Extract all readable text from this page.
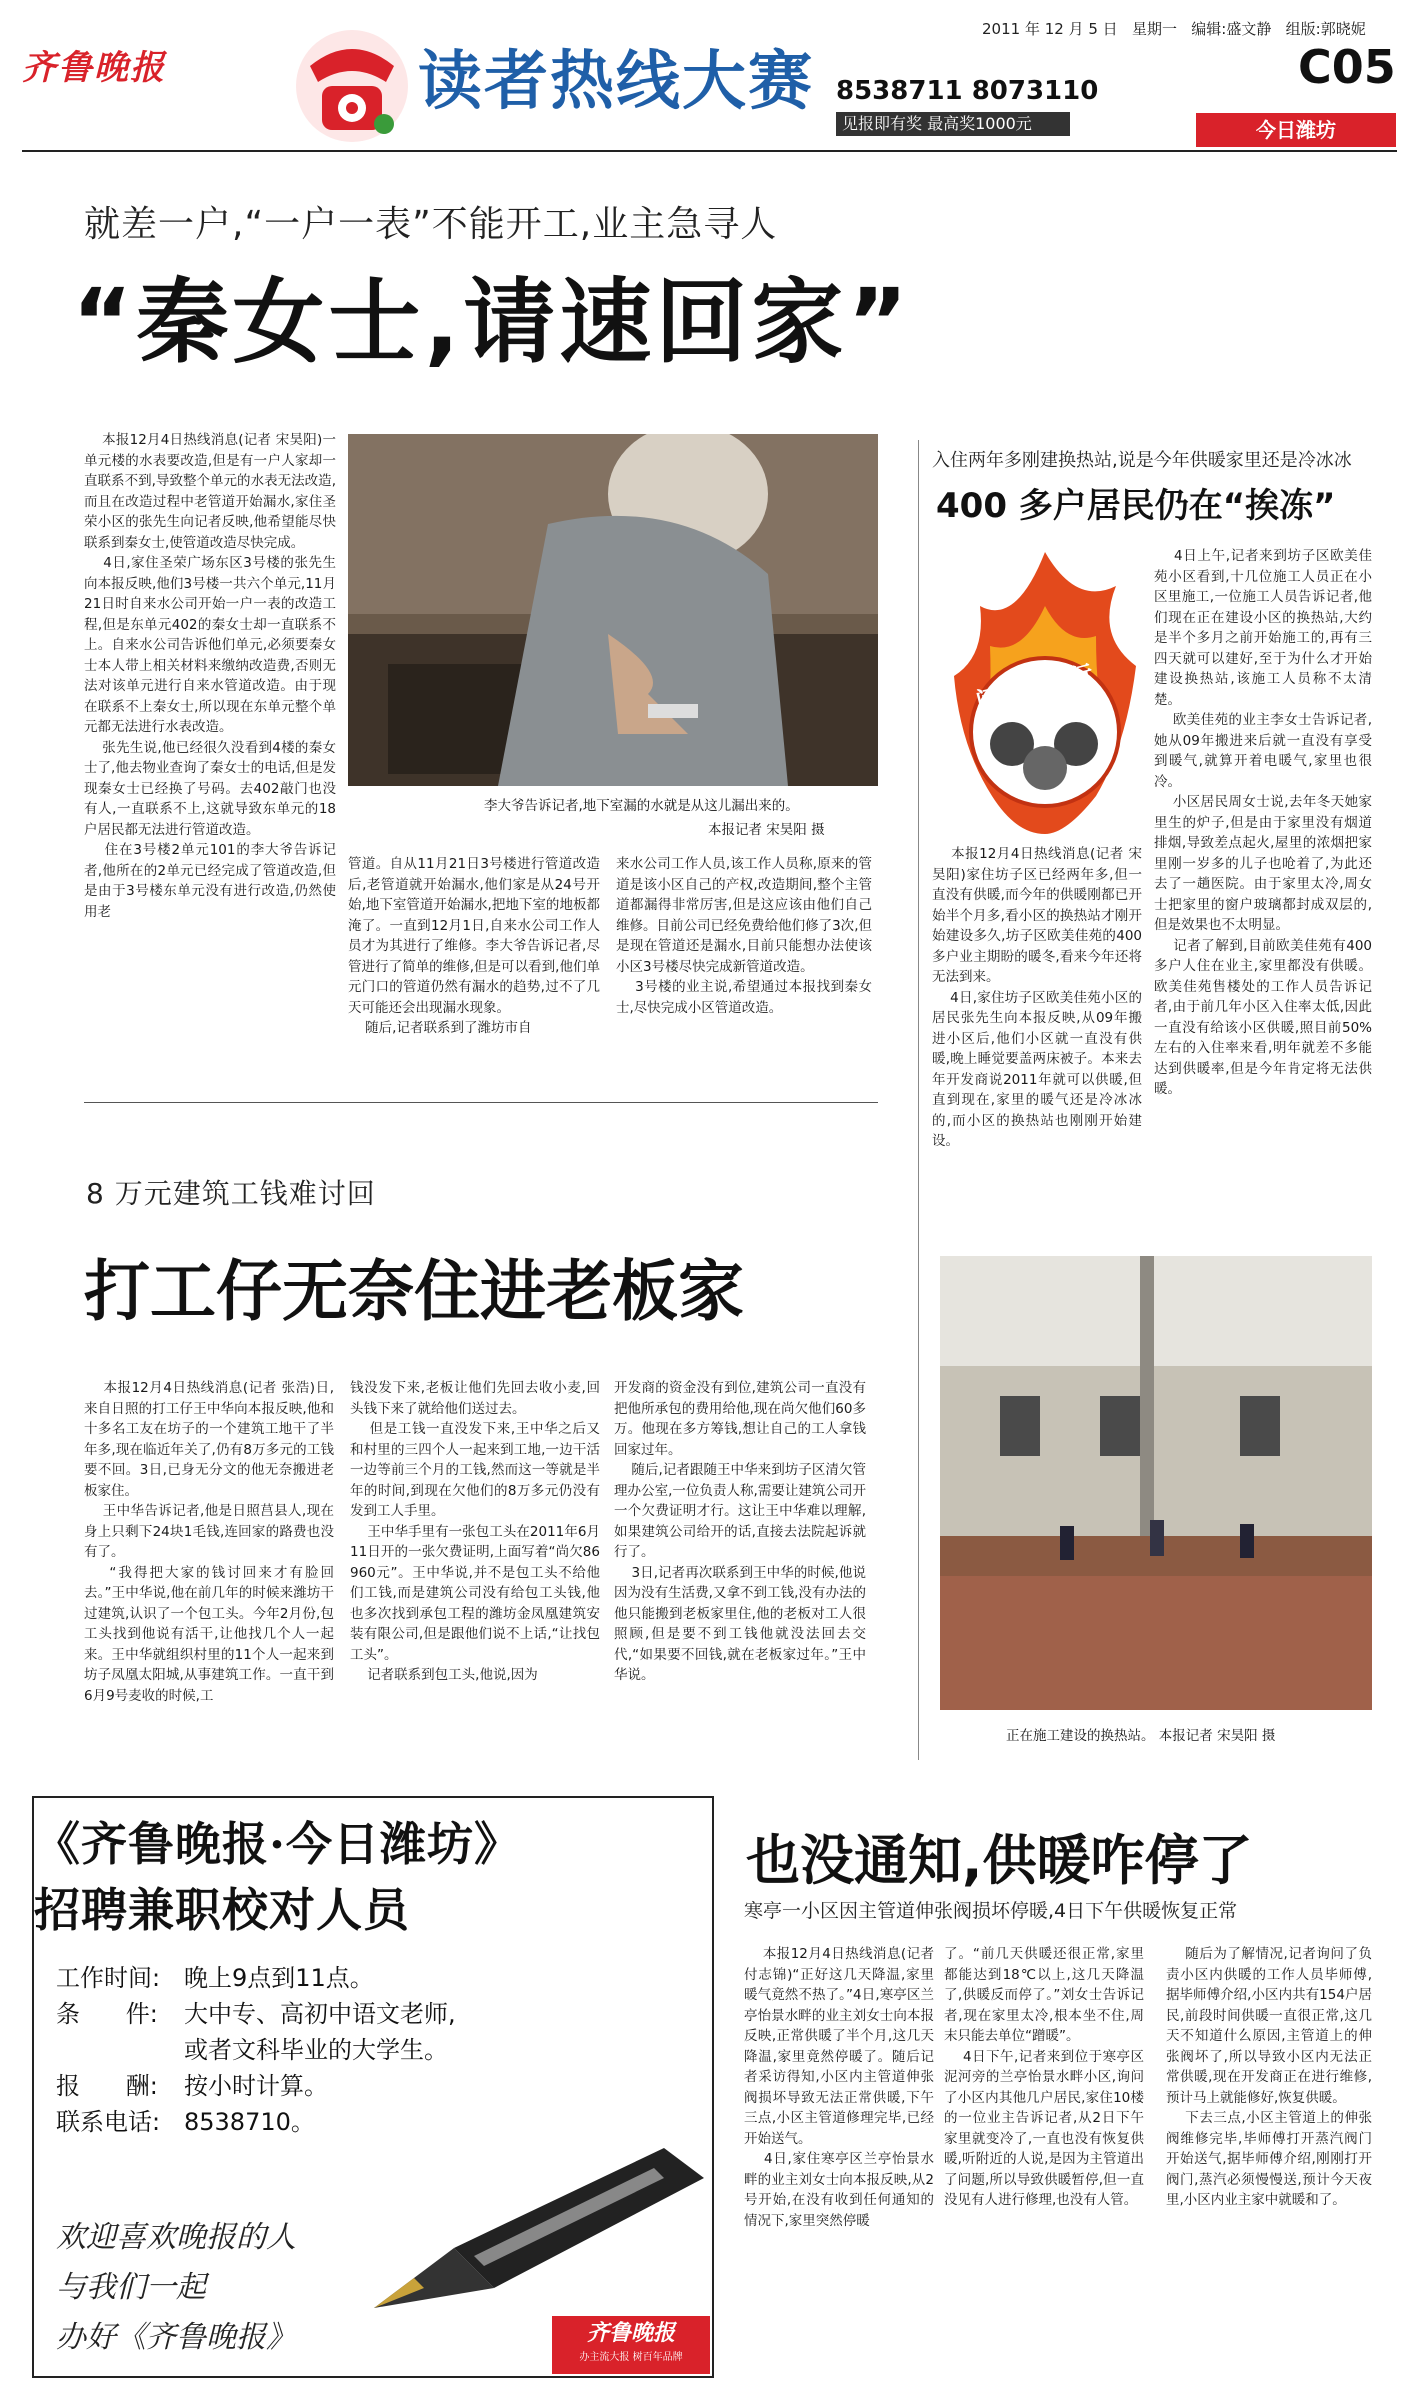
齐鲁晚报	读者热线大赛 8538711 8073110
见报即有奖 最高奖1000元
2011 年 12 月 5 日 星期一 编辑:盛文静 组版:郭晓妮
C05
今日潍坊
就差一户,“一户一表”不能开工,业主急寻人
“秦女士,请速回家”
本报12月4日热线消息(记者 宋昊阳)一单元楼的水表要改造,但是有一户人家却一直联系不到,导致整个单元的水表无法改造,而且在改造过程中老管道开始漏水,家住圣荣小区的张先生向记者反映,他希望能尽快联系到秦女士,使管道改造尽快完成。
4日,家住圣荣广场东区3号楼的张先生向本报反映,他们3号楼一共六个单元,11月21日时自来水公司开始一户一表的改造工程,但是东单元402的秦女士却一直联系不上。自来水公司告诉他们单元,必须要秦女士本人带上相关材料来缴纳改造费,否则无法对该单元进行自来水管道改造。由于现在联系不上秦女士,所以现在东单元整个单元都无法进行水表改造。
张先生说,他已经很久没看到4楼的秦女士了,他去物业查询了秦女士的电话,但是发现秦女士已经换了号码。去402敲门也没有人,一直联系不上,这就导致东单元的18户居民都无法进行管道改造。
住在3号楼2单元101的李大爷告诉记者,他所在的2单元已经完成了管道改造,但是由于3号楼东单元没有进行改造,仍然使用老
李大爷告诉记者,地下室漏的水就是从这儿漏出来的。
本报记者 宋昊阳 摄
管道。自从11月21日3号楼进行管道改造后,老管道就开始漏水,他们家是从24号开始,地下室管道开始漏水,把地下室的地板都淹了。一直到12月1日,自来水公司工作人员才为其进行了维修。李大爷告诉记者,尽管进行了简单的维修,但是可以看到,他们单元门口的管道仍然有漏水的趋势,过不了几天可能还会出现漏水现象。
随后,记者联系到了潍坊市自
来水公司工作人员,该工作人员称,原来的管道是该小区自己的产权,改造期间,整个主管道都漏得非常厉害,但是这应该由他们自己维修。目前公司已经免费给他们修了3次,但是现在管道还是漏水,目前只能想办法使该小区3号楼尽快完成新管道改造。
3号楼的业主说,希望通过本报找到秦女士,尽快完成小区管道改造。
入住两年多刚建换热站,说是今年供暖家里还是冷冰冰
400 多户居民仍在“挨冻”
问暖三人行
4日上午,记者来到坊子区欧美佳苑小区看到,十几位施工人员正在小区里施工,一位施工人员告诉记者,他们现在正在建设小区的换热站,大约是半个多月之前开始施工的,再有三四天就可以建好,至于为什么才开始建设换热站,该施工人员称不太清楚。
欧美佳苑的业主李女士告诉记者,她从09年搬进来后就一直没有享受到暖气,就算开着电暖气,家里也很冷。
小区居民周女士说,去年冬天她家里生的炉子,但是由于家里没有烟道排烟,导致差点起火,屋里的浓烟把家里刚一岁多的儿子也呛着了,为此还去了一趟医院。由于家里太冷,周女士把家里的窗户玻璃都封成双层的,但是效果也不太明显。
记者了解到,目前欧美佳苑有400多户人住在业主,家里都没有供暖。欧美佳苑售楼处的工作人员告诉记者,由于前几年小区入住率太低,因此一直没有给该小区供暖,照目前50%左右的入住率来看,明年就差不多能达到供暖率,但是今年肯定将无法供暖。
本报12月4日热线消息(记者 宋昊阳)家住坊子区已经两年多,但一直没有供暖,而今年的供暖刚都已开始半个月多,看小区的换热站才刚开始建设多久,坊子区欧美佳苑的400多户业主期盼的暖冬,看来今年还将无法到来。
4日,家住坊子区欧美佳苑小区的居民张先生向本报反映,从09年搬进小区后,他们小区就一直没有供暖,晚上睡觉要盖两床被子。本来去年开发商说2011年就可以供暖,但直到现在,家里的暖气还是冷冰冰的,而小区的换热站也刚刚开始建设。
正在施工建设的换热站。 本报记者 宋昊阳 摄
8 万元建筑工钱难讨回
打工仔无奈住进老板家
本报12月4日热线消息(记者 张浩)日,来自日照的打工仔王中华向本报反映,他和十多名工友在坊子的一个建筑工地干了半年多,现在临近年关了,仍有8万多元的工钱要不回。3日,已身无分文的他无奈搬进老板家住。
王中华告诉记者,他是日照莒县人,现在身上只剩下24块1毛钱,连回家的路费也没有了。
“我得把大家的钱讨回来才有脸回去。”王中华说,他在前几年的时候来潍坊干过建筑,认识了一个包工头。今年2月份,包工头找到他说有活干,让他找几个人一起来。王中华就组织村里的11个人一起来到坊子凤凰太阳城,从事建筑工作。一直干到6月9号麦收的时候,工
钱没发下来,老板让他们先回去收小麦,回头钱下来了就给他们送过去。
但是工钱一直没发下来,王中华之后又和村里的三四个人一起来到工地,一边干活一边等前三个月的工钱,然而这一等就是半年的时间,到现在欠他们的8万多元仍没有发到工人手里。
王中华手里有一张包工头在2011年6月11日开的一张欠费证明,上面写着“尚欠86960元”。王中华说,并不是包工头不给他们工钱,而是建筑公司没有给包工头钱,他也多次找到承包工程的潍坊金凤凰建筑安装有限公司,但是跟他们说不上话,“让找包工头”。
记者联系到包工头,他说,因为
开发商的资金没有到位,建筑公司一直没有把他所承包的费用给他,现在尚欠他们60多万。他现在多方筹钱,想让自己的工人拿钱回家过年。
随后,记者跟随王中华来到坊子区清欠管理办公室,一位负责人称,需要让建筑公司开一个欠费证明才行。这让王中华难以理解,如果建筑公司给开的话,直接去法院起诉就行了。
3日,记者再次联系到王中华的时候,他说因为没有生活费,又拿不到工钱,没有办法的他只能搬到老板家里住,他的老板对工人很照顾,但是要不到工钱他就没法回去交代,“如果要不回钱,就在老板家过年。”王中华说。
《齐鲁晚报·今日潍坊》
招聘兼职校对人员
工作时间: 晚上9点到11点。
条      件: 大中专、高初中语文老师,
或者文科毕业的大学生。
报      酬: 按小时计算。
联系电话: 8538710。
欢迎喜欢晚报的人
与我们一起
办好《齐鲁晚报》	齐鲁晚报
办主流大报 树百年品牌
也没通知,供暖咋停了
寒亭一小区因主管道伸张阀损坏停暖,4日下午供暖恢复正常
本报12月4日热线消息(记者 付志锦)“正好这几天降温,家里暖气竟然不热了。”4日,寒亭区兰亭怡景水畔的业主刘女士向本报反映,正常供暖了半个月,这几天降温,家里竟然停暖了。随后记者采访得知,小区内主管道伸张阀损坏导致无法正常供暖,下午三点,小区主管道修理完毕,已经开始送气。
4日,家住寒亭区兰亭怡景水畔的业主刘女士向本报反映,从2号开始,在没有收到任何通知的情况下,家里突然停暖
了。“前几天供暖还很正常,家里都能达到18℃以上,这几天降温了,供暖反而停了。”刘女士告诉记者,现在家里太冷,根本坐不住,周末只能去单位“蹭暖”。
4日下午,记者来到位于寒亭区泥河旁的兰亭怡景水畔小区,询问了小区内其他几户居民,家住10楼的一位业主告诉记者,从2日下午家里就变冷了,一直也没有恢复供暖,听附近的人说,是因为主管道出了问题,所以导致供暖暂停,但一直没见有人进行修理,也没有人管。
随后为了解情况,记者询问了负责小区内供暖的工作人员毕师傅,据毕师傅介绍,小区内共有154户居民,前段时间供暖一直很正常,这几天不知道什么原因,主管道上的伸张阀坏了,所以导致小区内无法正常供暖,现在开发商正在进行维修,预计马上就能修好,恢复供暖。
下去三点,小区主管道上的伸张阀维修完毕,毕师傅打开蒸汽阀门开始送气,据毕师傅介绍,刚刚打开阀门,蒸汽必须慢慢送,预计今天夜里,小区内业主家中就暖和了。
